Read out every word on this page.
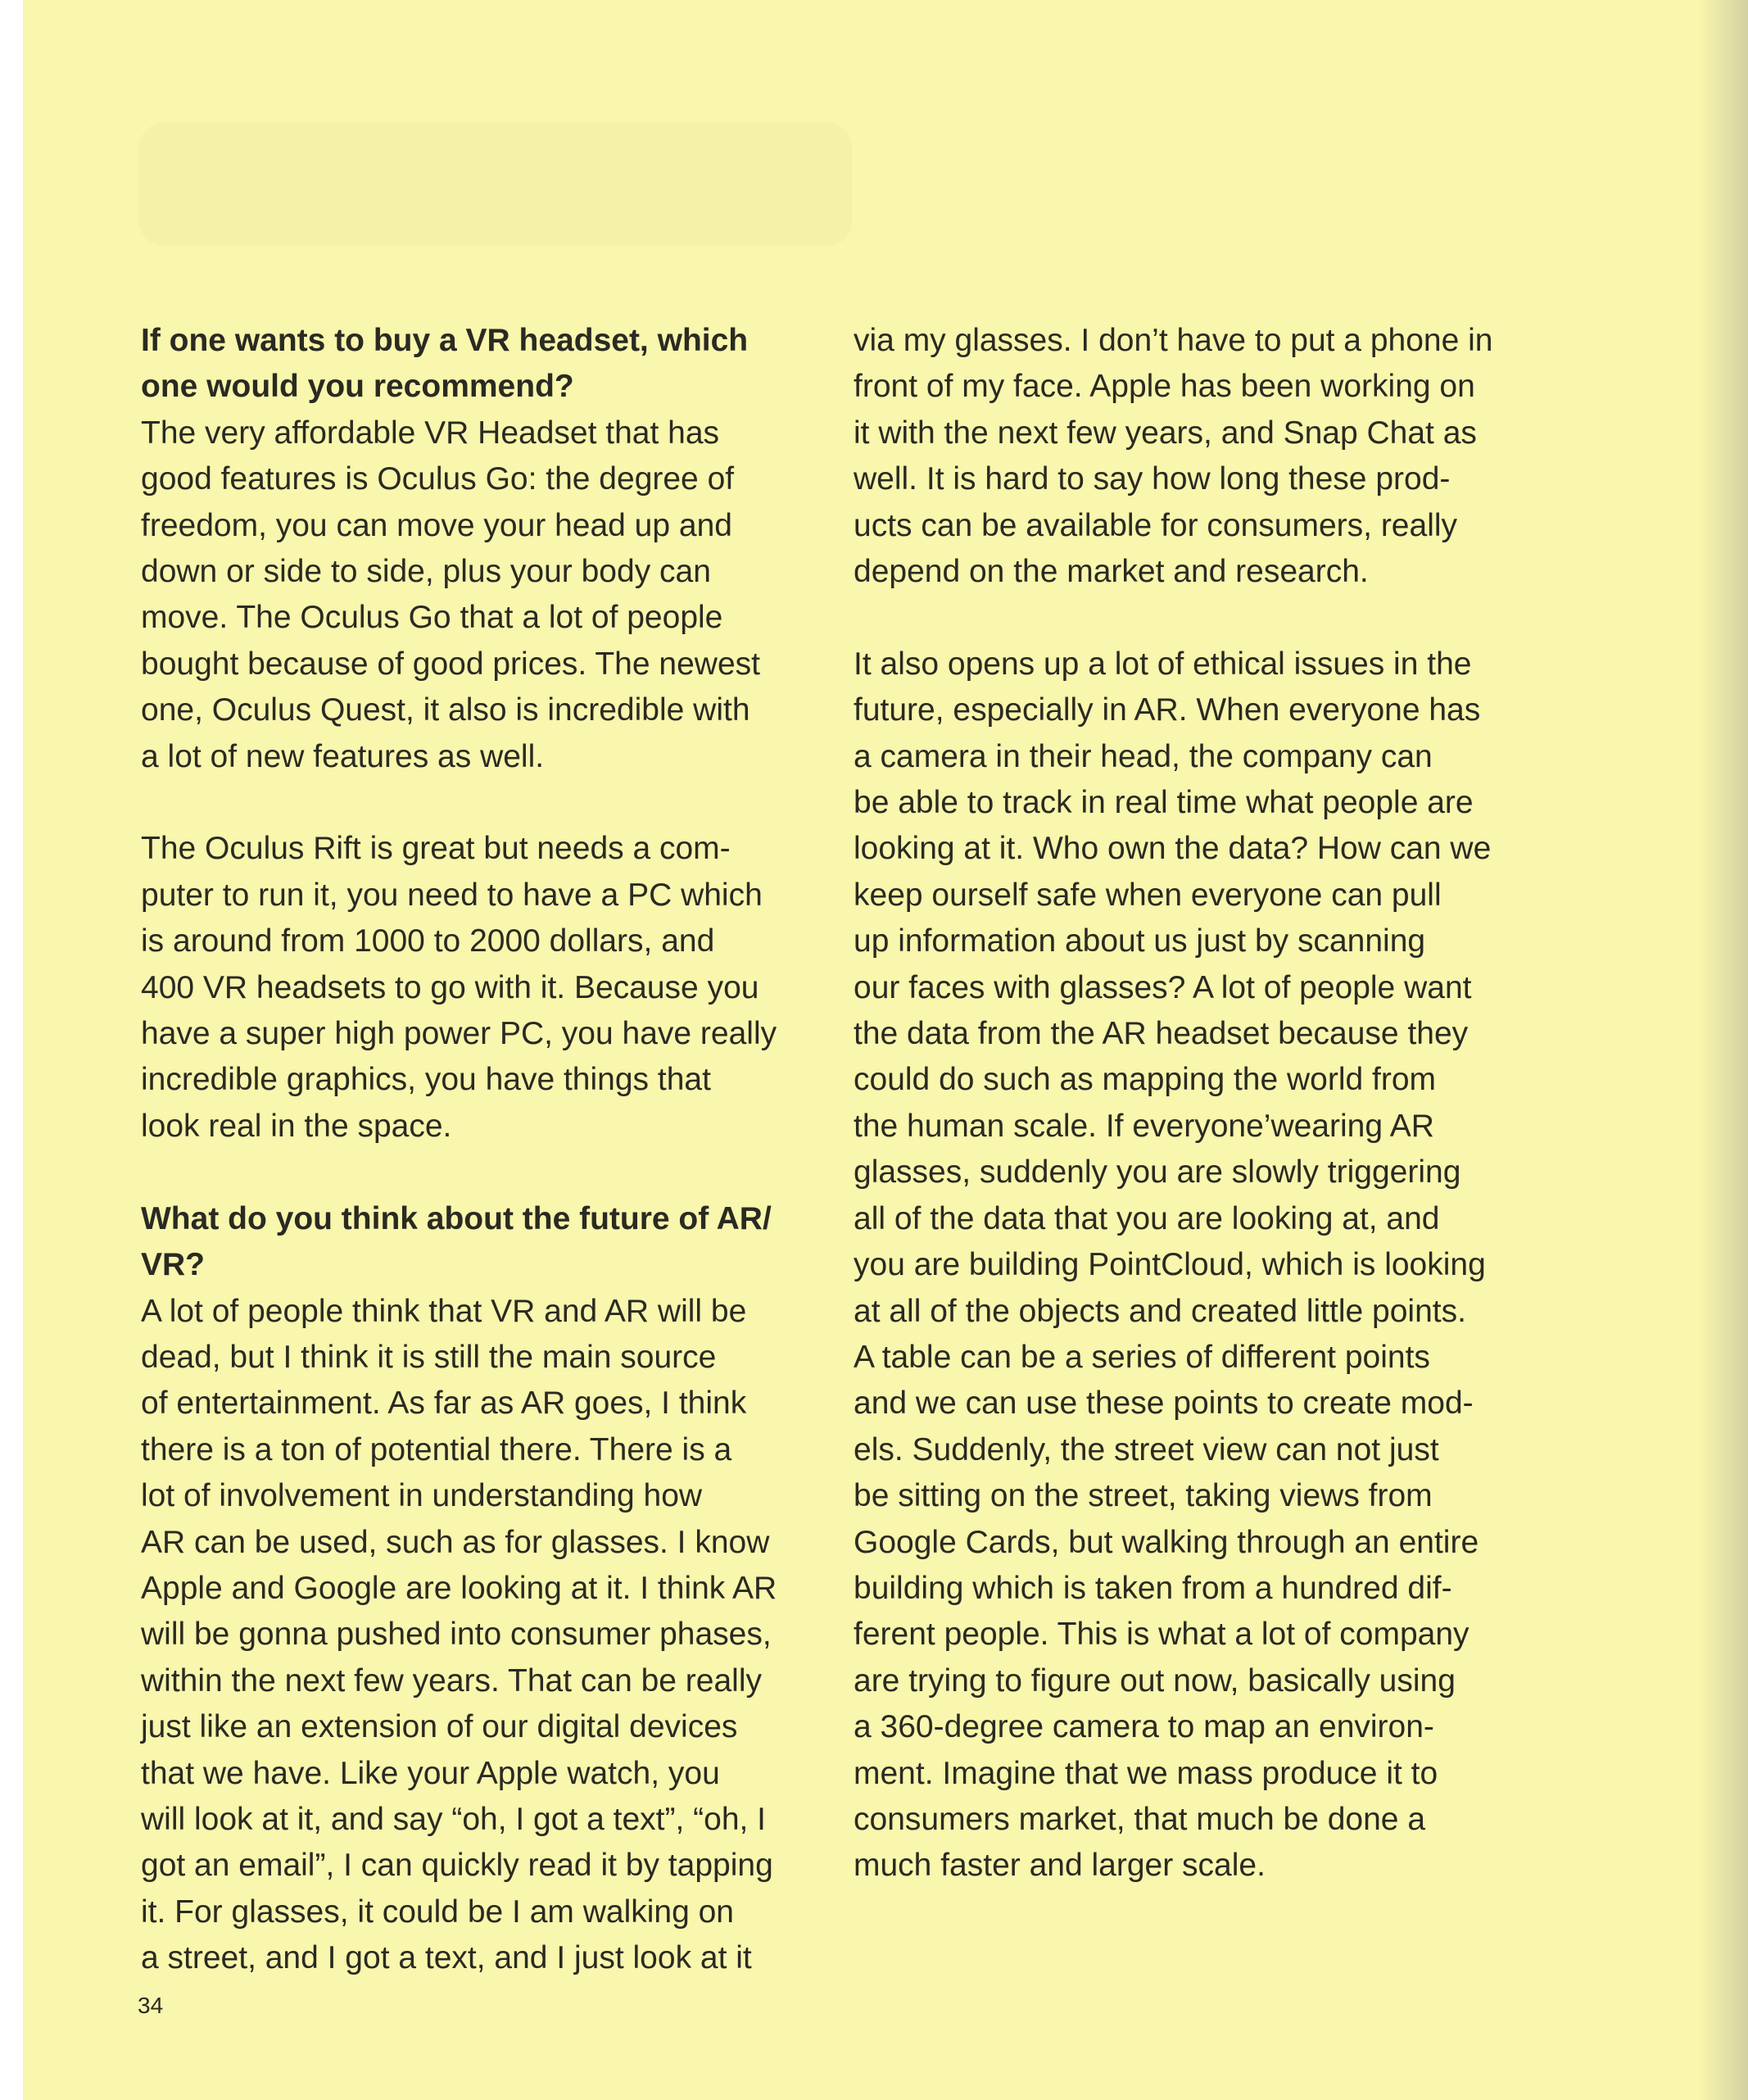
If one wants to buy a VR headset, which
one would you recommend?

The very affordable VR Headset that has
good features is Oculus Go: the degree of
freedom, you can move your head up and
down or side to side, plus your body can
move. The Oculus Go that a lot of people
bought because of good prices. The newest
one, Oculus Quest, it also is incredible with
a lot of new features as well.

The Oculus Rift is great but needs a com-
puter to run it, you need to have a PC which
is around from 1000 to 2000 dollars, and
400 VR headsets to go with it. Because you
have a super high power PC, you have really
incredible graphics, you have things that
look real in the space.

What do you think about the future of AR/
VR?

A lot of people think that VR and AR will be
dead, but I think it is still the main source
of entertainment. As far as AR goes, I think
there is a ton of potential there. There is a
lot of involvement in understanding how
AR can be used, such as for glasses. I know
Apple and Google are looking at it. I think AR
will be gonna pushed into consumer phases,
within the next few years. That can be really
just like an extension of our digital devices
that we have. Like your Apple watch, you
will look at it, and say “oh, I got a text”, “oh, I
got an email”, I can quickly read it by tapping
it. For glasses, it could be I am walking on
a street, and I got a text, and I just look at it

via my glasses. I don’t have to put a phone in
front of my face. Apple has been working on
it with the next few years, and Snap Chat as
well. It is hard to say how long these prod-
ucts can be available for consumers, really
depend on the market and research.

It also opens up a lot of ethical issues in the
future, especially in AR. When everyone has
a camera in their head, the company can
be able to track in real time what people are
looking at it. Who own the data? How can we
keep ourself safe when everyone can pull
up information about us just by scanning
our faces with glasses? A lot of people want
the data from the AR headset because they
could do such as mapping the world from
the human scale. If everyone’wearing AR
glasses, suddenly you are slowly triggering
all of the data that you are looking at, and
you are building PointCloud, which is looking
at all of the objects and created little points.
A table can be a series of different points
and we can use these points to create mod-
els. Suddenly, the street view can not just
be sitting on the street, taking views from
Google Cards, but walking through an entire
building which is taken from a hundred dif-
ferent people. This is what a lot of company
are trying to figure out now, basically using
a 360-degree camera to map an environ-
ment. Imagine that we mass produce it to
consumers market, that much be done a
much faster and larger scale.

34
